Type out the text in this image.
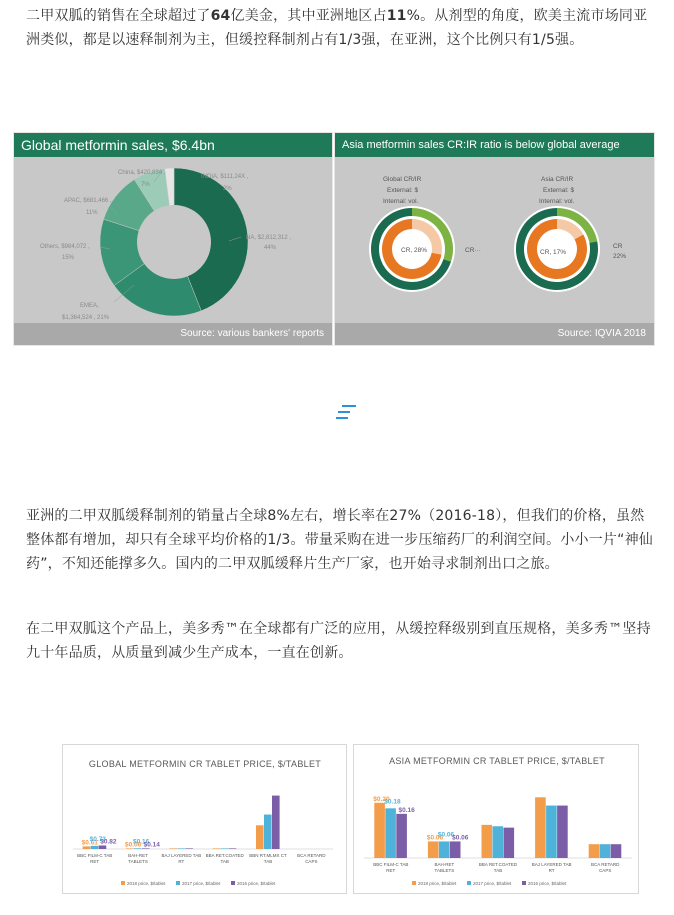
二甲双胍的销售在全球超过了64亿美金，其中亚洲地区占11%。从剂型的角度，欧美主流市场同亚洲类似，都是以速释制剂为主，但缓控释制剂占有1/3强，在亚洲，这个比例只有1/5强。
Global metformin sales, $6.4bn
NA, $2,812,312 ,
44%
EMEA,
$1,364,524 , 21%
Others, $984,072 ,
15%
APAC, $681,466 ,
11%
China, $420,834 ,
7%
INDIA, $111,24X ,
2%
Source: various bankers' reports
Asia metformin sales CR:IR ratio is below global average
Global CR/IR
External: $
Internal: vol.
CR, 28%	CR···
Asia CR/IR
External: $
Internal: vol.
CR, 17%
CR
22%
Source: IQVIA 2018
亚洲的二甲双胍缓释制剂的销量占全球8%左右，增长率在27%（2016-18），但我们的价格，虽然整体都有增加，却只有全球平均价格的1/3。带量采购在进一步压缩药厂的利润空间。小小一片“神仙药”，不知还能撑多久。国内的二甲双胍缓释片生产厂家，也开始寻求制剂出口之旅。
在二甲双胍这个产品上，美多秀™在全球都有广泛的应用，从缓控释级别到直压规格，美多秀™坚持九十年品质，从质量到减少生产成本，一直在创新。
GLOBAL METFORMIN CR TABLET PRICE, $/TABLET
BBC FILM-C TAB
RET
BAH-RET
TABLETS
BAJ LAYERED TAB
RT
BBA RET.COATED
TAB
BBN RT.MLMX CT
TAB
BCA RETARD
CAPS
$0.61
$0.73
$0.82 $0.06
$0.16
$0.14
2018 price, $/tablet	2017 price, $/tablet	2016 price, $/tablet
ASIA METFORMIN CR TABLET PRICE, $/TABLET
BBC FILM-C TAB
RET
BAH-RET
TABLETS
BBA RET.COATED
TAB
BAJ LAYERED TAB
RT
BCA RETARD
CAPS
$0.20
$0.18
$0.16
$0.06
$0.06
$0.06
2018 price, $/tablet	2017 price, $/tablet	2016 price, $/tablet
